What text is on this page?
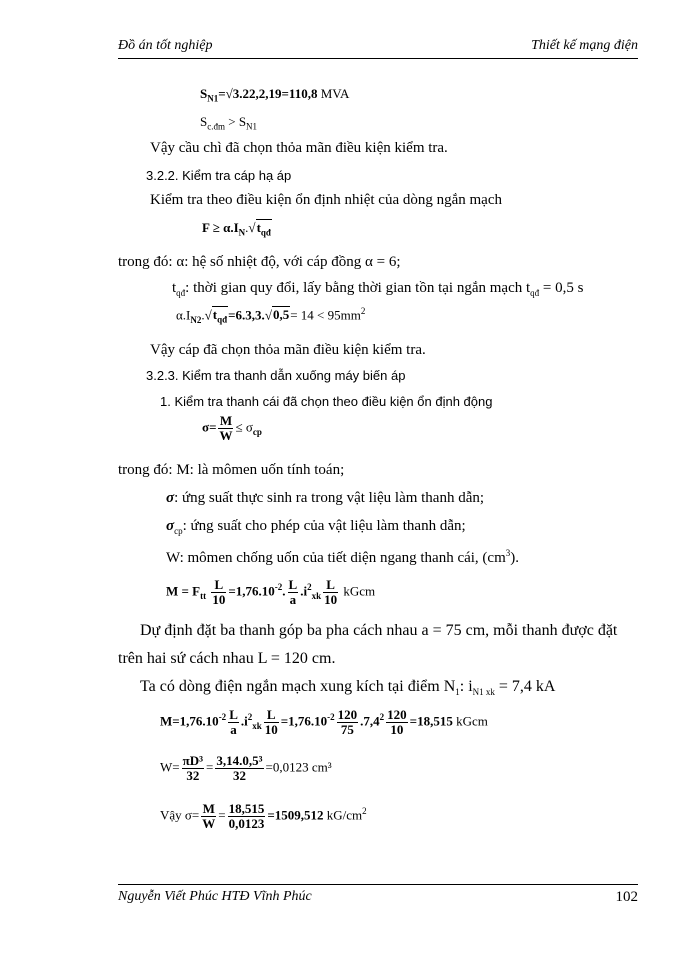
Đồ án tốt nghiệp	Thiết kế mạng điện
$S_{N1}=√3.22,2,19=110,8$ MVA
$S_{c.đm} > S_{N1}$
Vậy cầu chì đã chọn thỏa mãn điều kiện kiểm tra.
3.2.2. Kiểm tra cáp hạ áp
Kiểm tra theo điều kiện ổn định nhiệt của dòng ngắn mạch
$F \ge \alpha.I_N.√t_{qđ}$
trong đó: α: hệ số nhiệt độ, với cáp đồng α = 6;
$t_{qđ}$: thời gian quy đổi, lấy bằng thời gian tồn tại ngắn mạch $t_{qđ} = 0,5$ s
$\alpha.I_{N2}.√t_{qđ}=6.3,3.√0,5= 14 < 95mm^2$
Vậy cáp đã chọn thỏa mãn điều kiện kiểm tra.
3.2.3. Kiểm tra thanh dẫn xuống máy biến áp
1. Kiểm tra thanh cái đã chọn theo điều kiện ổn định động
$\sigma= \frac{M}{W} \le \sigma_{cp}$
trong đó: M: là mômen uốn tính toán;
σ: ứng suất thực sinh ra trong vật liệu làm thanh dẫn;
$\sigma_{cp}$: ứng suất cho phép của vật liệu làm thanh dẫn;
W: mômen chống uốn của tiết diện ngang thanh cái, $(cm^3)$.
$M = F_{tt} \frac{L}{10} =1,76.10^{-2}$. $\frac{L}{a} .i^2_{xk} \frac{L}{10}$ kGcm
Dự định đặt ba thanh góp ba pha cách nhau a = 75 cm, mỗi thanh được đặt
trên hai sứ cách nhau L = 120 cm.
Ta có dòng điện ngắn mạch xung kích tại điểm $N_1$: $i_{N1 xk} = 7,4$ kA
$M=1,76.10^{-2} \frac{L}{a} .i^2_{xk} \frac{L}{10} =1,76.10^{-2} \frac{120}{75} .7,4^2 \frac{120}{10} =18,515$ kGcm
$W= \frac{\text{πD³}}{32} = \frac{\text{3,14.0,5³}}{32} =0,0123$ cm³
Vậy $\sigma= \frac{M}{W} = \frac{18,515}{0,0123} =1509,512$ $kG/cm^2$
Nguyễn Viết Phúc HTĐ Vĩnh Phúc	102
